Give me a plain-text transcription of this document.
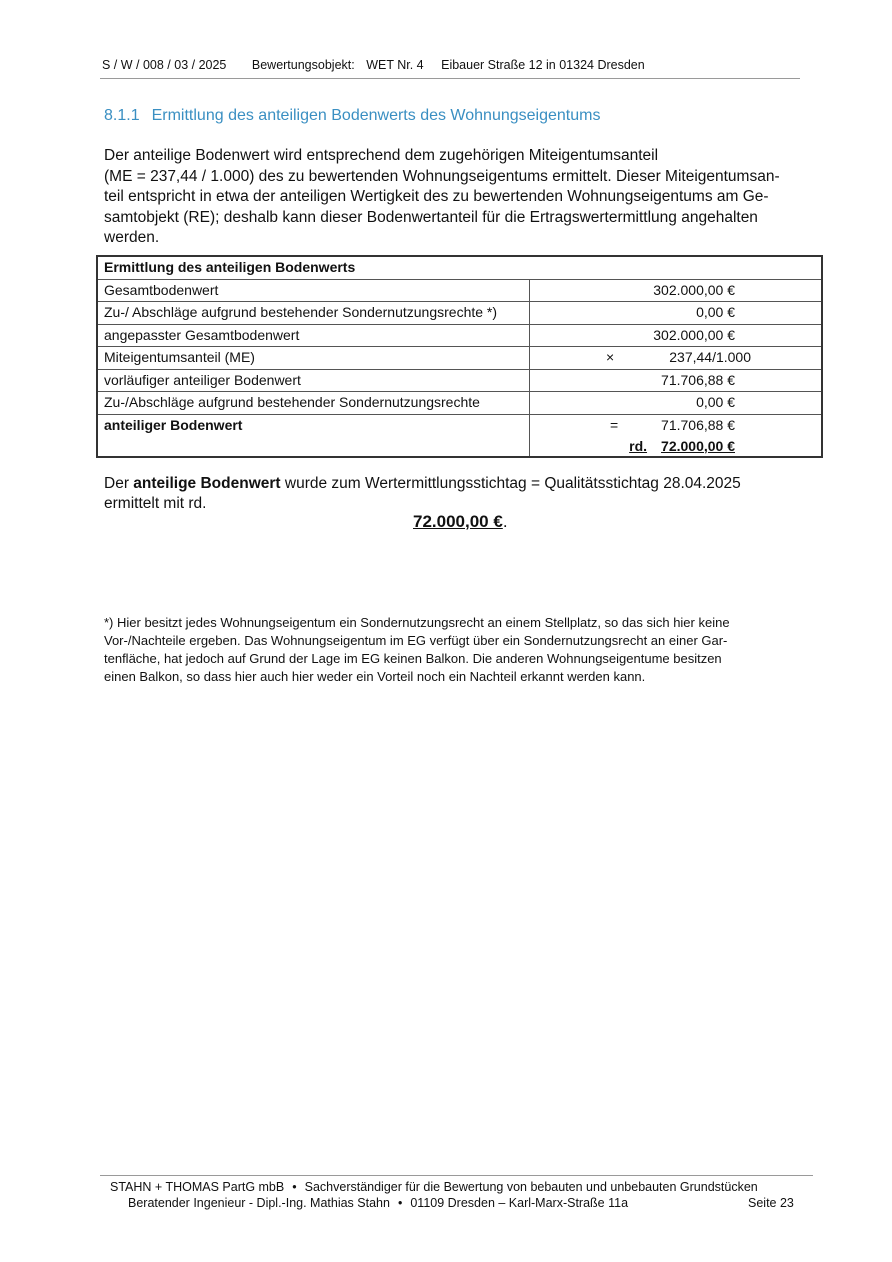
S / W / 008 / 03 / 2025 Bewertungsobjekt: WET Nr. 4 Eibauer Straße 12 in 01324 Dresden
8.1.1 Ermittlung des anteiligen Bodenwerts des Wohnungseigentums

Der anteilige Bodenwert wird entsprechend dem zugehörigen Miteigentumsanteil

(ME = 237,44 / 1.000) des zu bewertenden Wohnungseigentums ermittelt. Dieser Miteigentumsan-

teil entspricht in etwa der anteiligen Wertigkeit des zu bewertenden Wohnungseigentums am Ge-

samtobjekt (RE); deshalb kann dieser Bodenwertanteil für die Ertragswertermittlung angehalten

werden.

Ermittlung des anteiligen Bodenwerts	
Gesamtbodenwert	302.000,00 €

Zu-/ Abschläge aufgrund bestehender Sondernutzungsrechte *)	0,00 €

angepasster Gesamtbodenwert	302.000,00 €

Miteigentumsanteil (ME)	× 237,44/1.000

vorläufiger anteiliger Bodenwert	71.706,88 €

Zu-/Abschläge aufgrund bestehender Sondernutzungsrechte	0,00 €

anteiliger Bodenwert	= 71.706,88 €
rd. 72.000,00 €

Der anteilige Bodenwert wurde zum Wertermittlungsstichtag = Qualitätsstichtag 28.04.2025

ermittelt mit rd.

72.000,00 €.

*) Hier besitzt jedes Wohnungseigentum ein Sondernutzungsrecht an einem Stellplatz, so das sich hier keine

Vor-/Nachteile ergeben. Das Wohnungseigentum im EG verfügt über ein Sondernutzungsrecht an einer Gar-

tenfläche, hat jedoch auf Grund der Lage im EG keinen Balkon. Die anderen Wohnungseigentume besitzen

einen Balkon, so dass hier auch hier weder ein Vorteil noch ein Nachteil erkannt werden kann.

STAHN + THOMAS PartG mbB • Sachverständiger für die Bewertung von bebauten und unbebauten Grundstücken
Beratender Ingenieur - Dipl.-Ing. Mathias Stahn • 01109 Dresden – Karl-Marx-Straße 11a	Seite 23
